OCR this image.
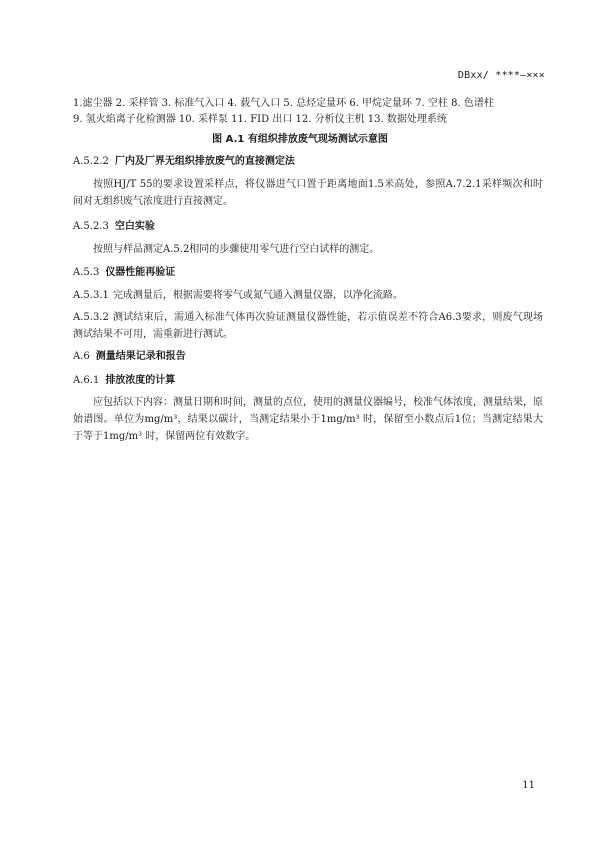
DBxx/ ****—×××
1.滤尘器 2. 采样管 3. 标准气入口 4. 载气入口 5. 总烃定量环 6. 甲烷定量环 7. 空柱 8. 色谱柱
9. 氢火焰离子化检测器 10. 采样泵 11. FID 出口 12. 分析仪主机 13. 数据处理系统
图 A.1 有组织排放废气现场测试示意图
A.5.2.2 厂内及厂界无组织排放废气的直接测定法
按照HJ/T 55的要求设置采样点，将仪器进气口置于距离地面1.5米高处，参照A.7.2.1采样频次和时间对无组织废气浓度进行直接测定。
A.5.2.3 空白实验
按照与样品测定A.5.2相同的步骤使用零气进行空白试样的测定。
A.5.3 仪器性能再验证
A.5.3.1 完成测量后，根据需要将零气或氮气通入测量仪器，以净化流路。
A.5.3.2 测试结束后，需通入标准气体再次验证测量仪器性能，若示值误差不符合A6.3要求，则废气现场测试结果不可用，需重新进行测试。
A.6 测量结果记录和报告
A.6.1 排放浓度的计算
应包括以下内容：测量日期和时间，测量的点位，使用的测量仪器编号，校准气体浓度，测量结果，原始谱图。单位为mg/m³，结果以碳计，当测定结果小于1mg/m³ 时，保留至小数点后1位；当测定结果大于等于1mg/m³ 时，保留两位有效数字。
11
